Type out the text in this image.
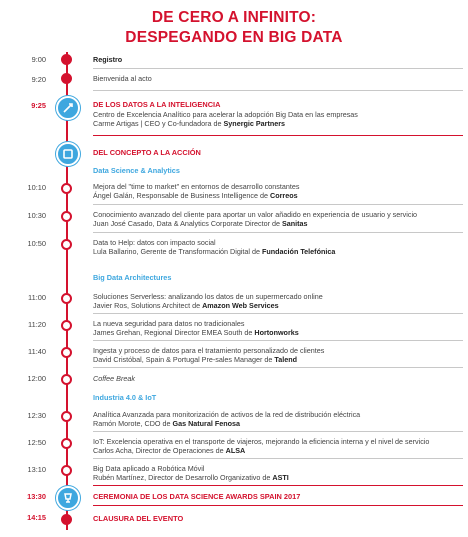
DE CERO A INFINITO:
DESPEGANDO EN BIG DATA
9:00	Registro
9:20	Bienvenida al acto
9:25	DE LOS DATOS A LA INTELIGENCIA
Centro de Excelencia Analítico para acelerar la adopción Big Data en las empresas
Carme Artigas | CEO y Co-fundadora de Synergic Partners
DEL CONCEPTO A LA ACCIÓN
Data Science & Analytics
10:10	Mejora del "time to market" en entornos de desarrollo constantes
Ángel Galán, Responsable de Business Intelligence de Correos
10:30	Conocimiento avanzado del cliente para aportar un valor añadido en experiencia de usuario y servicio
Juan José Casado, Data & Analytics Corporate Director de Sanitas
10:50	Data to Help: datos con impacto social
Lula Ballarino, Gerente de Transformación Digital de Fundación Telefónica
Big Data Architectures
11:00	Soluciones Serverless: analizando los datos de un supermercado online
Javier Ros, Solutions Architect de Amazon Web Services
11:20	La nueva seguridad para datos no tradicionales
James Grehan, Regional Director EMEA South de Hortonworks
11:40	Ingesta y proceso de datos para el tratamiento personalizado de clientes
David Cristóbal, Spain & Portugal Pre-sales Manager de Talend
12:00	Coffee Break
Industria 4.0 & IoT
12:30	Analítica Avanzada para monitorización de activos de la red de distribución eléctrica
Ramón Morote, CDO de Gas Natural Fenosa
12:50	IoT: Excelencia operativa en el transporte de viajeros, mejorando la eficiencia interna y el nivel de servicio
Carlos Acha, Director de Operaciones de ALSA
13:10	Big Data aplicado a Robótica Móvil
Rubén Martínez, Director de Desarrollo Organizativo de ASTI
13:30	CEREMONIA DE LOS DATA SCIENCE AWARDS SPAIN 2017
14:15	CLAUSURA DEL EVENTO
